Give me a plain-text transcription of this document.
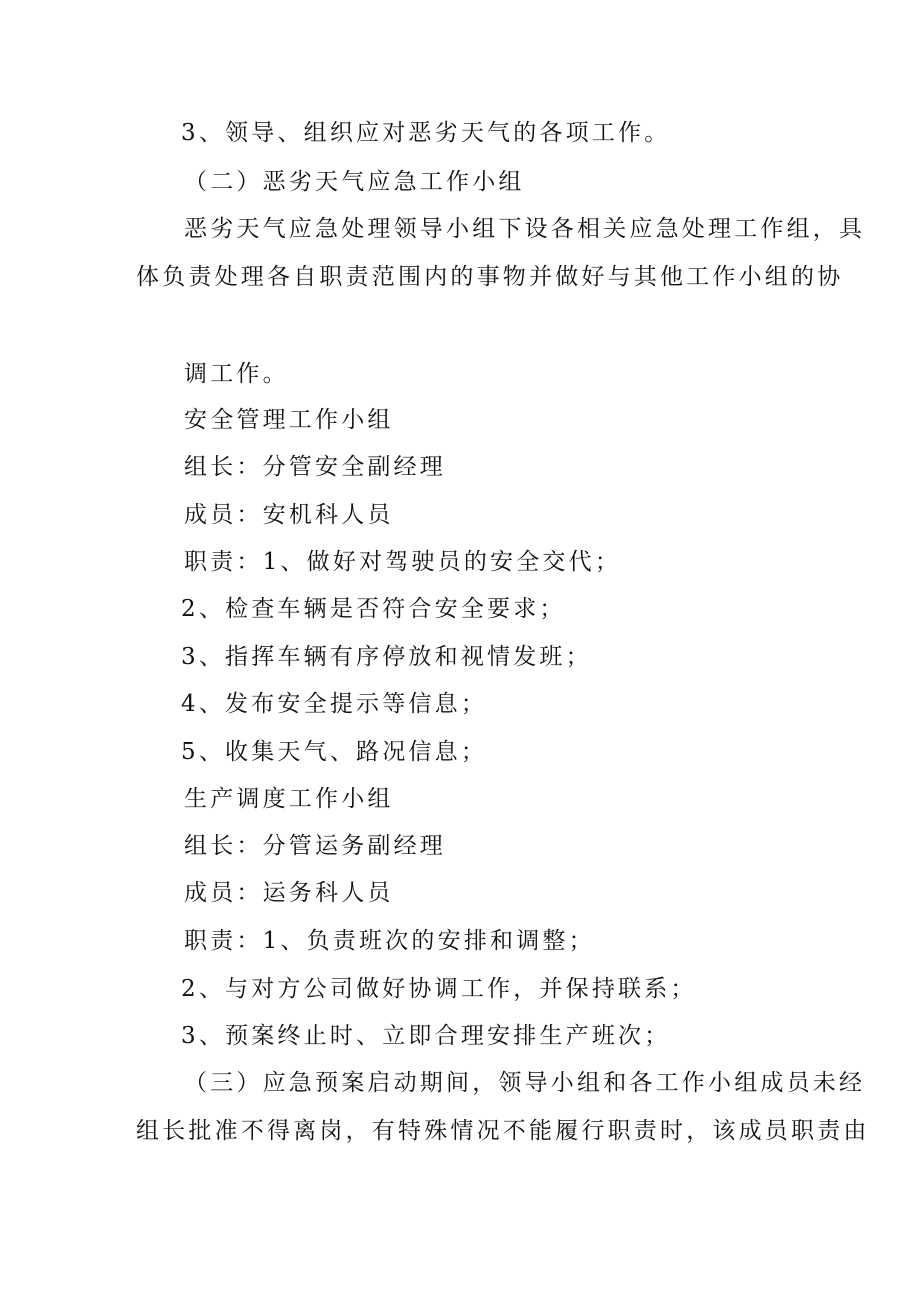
3、领导、组织应对恶劣天气的各项工作。
（二）恶劣天气应急工作小组
恶劣天气应急处理领导小组下设各相关应急处理工作组，具
体负责处理各自职责范围内的事物并做好与其他工作小组的协
调工作。
安全管理工作小组
组长：分管安全副经理
成员：安机科人员
职责：1、做好对驾驶员的安全交代；
2、检查车辆是否符合安全要求；
3、指挥车辆有序停放和视情发班；
4、发布安全提示等信息；
5、收集天气、路况信息；
生产调度工作小组
组长：分管运务副经理
成员：运务科人员
职责：1、负责班次的安排和调整；
2、与对方公司做好协调工作，并保持联系；
3、预案终止时、立即合理安排生产班次；
（三）应急预案启动期间，领导小组和各工作小组成员未经
组长批准不得离岗，有特殊情况不能履行职责时，该成员职责由
